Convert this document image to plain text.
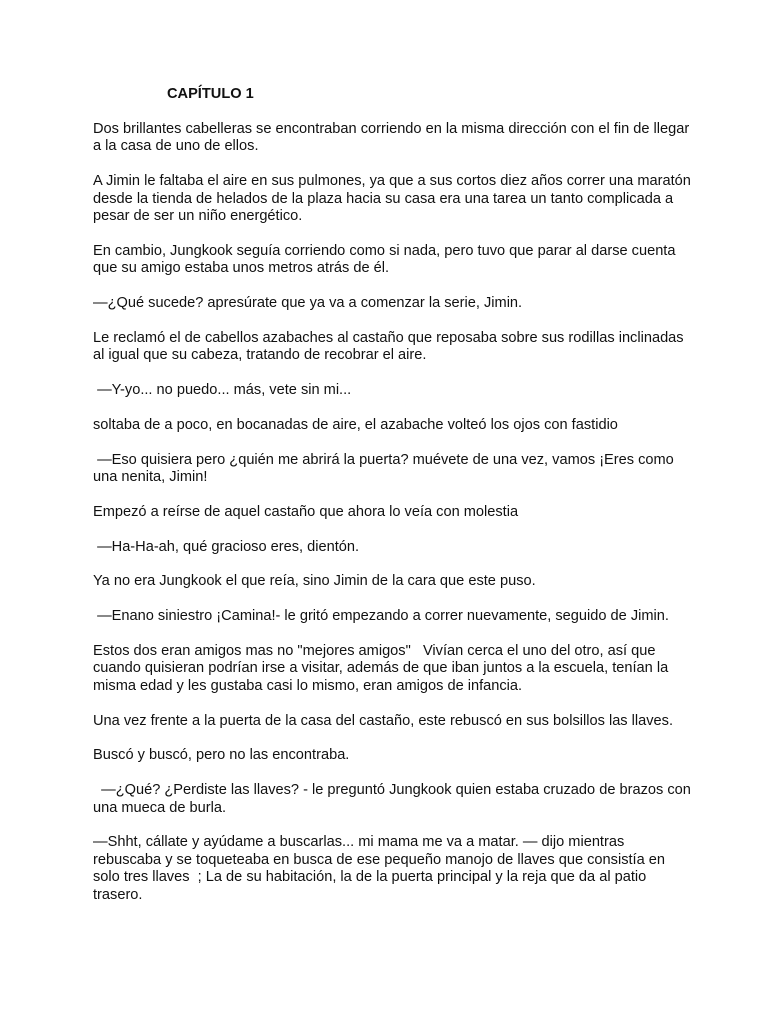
CAPÍTULO 1

Dos brillantes cabelleras se encontraban corriendo en la misma dirección con el fin de llegar
a la casa de uno de ellos.

A Jimin le faltaba el aire en sus pulmones, ya que a sus cortos diez años correr una maratón
desde la tienda de helados de la plaza hacia su casa era una tarea un tanto complicada a
pesar de ser un niño energético.

En cambio, Jungkook seguía corriendo como si nada, pero tuvo que parar al darse cuenta
que su amigo estaba unos metros atrás de él.

—¿Qué sucede? apresúrate que ya va a comenzar la serie, Jimin.

Le reclamó el de cabellos azabaches al castaño que reposaba sobre sus rodillas inclinadas
al igual que su cabeza, tratando de recobrar el aire.

—Y-yo... no puedo... más, vete sin mi...

soltaba de a poco, en bocanadas de aire, el azabache volteó los ojos con fastidio

—Eso quisiera pero ¿quién me abrirá la puerta? muévete de una vez, vamos ¡Eres como
una nenita, Jimin!

Empezó a reírse de aquel castaño que ahora lo veía con molestia

—Ha-Ha-ah, qué gracioso eres, dientón.

Ya no era Jungkook el que reía, sino Jimin de la cara que este puso.

—Enano siniestro ¡Camina!- le gritó empezando a correr nuevamente, seguido de Jimin.

Estos dos eran amigos mas no "mejores amigos"   Vivían cerca el uno del otro, así que
cuando quisieran podrían irse a visitar, además de que iban juntos a la escuela, tenían la
misma edad y les gustaba casi lo mismo, eran amigos de infancia.

Una vez frente a la puerta de la casa del castaño, este rebuscó en sus bolsillos las llaves.

Buscó y buscó, pero no las encontraba.

—¿Qué? ¿Perdiste las llaves? - le preguntó Jungkook quien estaba cruzado de brazos con
una mueca de burla.

—Shht, cállate y ayúdame a buscarlas... mi mama me va a matar. — dijo mientras
rebuscaba y se toqueteaba en busca de ese pequeño manojo de llaves que consistía en
solo tres llaves  ; La de su habitación, la de la puerta principal y la reja que da al patio
trasero.
